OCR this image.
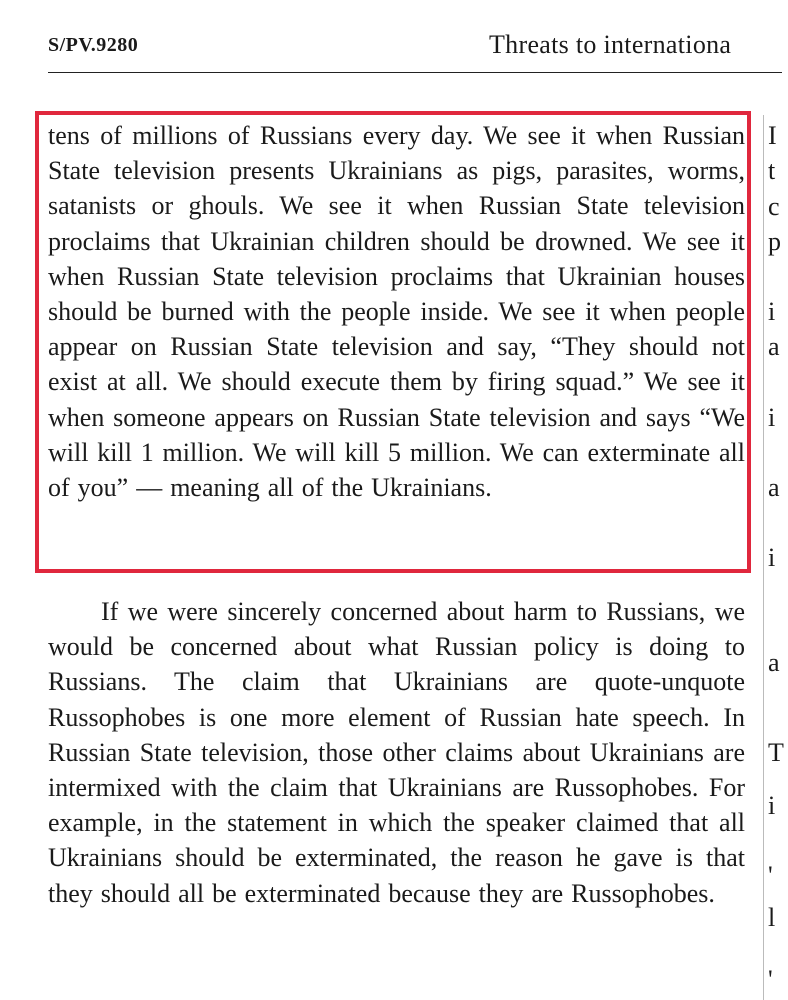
S/PV.9280	Threats to internationa

tens of millions of Russians every day. We see it when Russian State television presents Ukrainians as pigs, parasites, worms, satanists or ghouls. We see it when Russian State television proclaims that Ukrainian children should be drowned. We see it when Russian State television proclaims that Ukrainian houses should be burned with the people inside. We see it when people appear on Russian State television and say, “They should not exist at all. We should execute them by firing squad.” We see it when someone appears on Russian State television and says “We will kill 1 million. We will kill 5 million. We can exterminate all of you” — meaning all of the Ukrainians.

If we were sincerely concerned about harm to Russians, we would be concerned about what Russian policy is doing to Russians. The claim that Ukrainians are quote-unquote Russophobes is one more element of Russian hate speech. In Russian State television, those other claims about Ukrainians are intermixed with the claim that Ukrainians are Russophobes. For example, in the statement in which the speaker claimed that all Ukrainians should be exterminated, the reason he gave is that they should all be exterminated because they are Russophobes.

I
t
c
p
i
a
i
a
i
a
T
i
'
l
'
